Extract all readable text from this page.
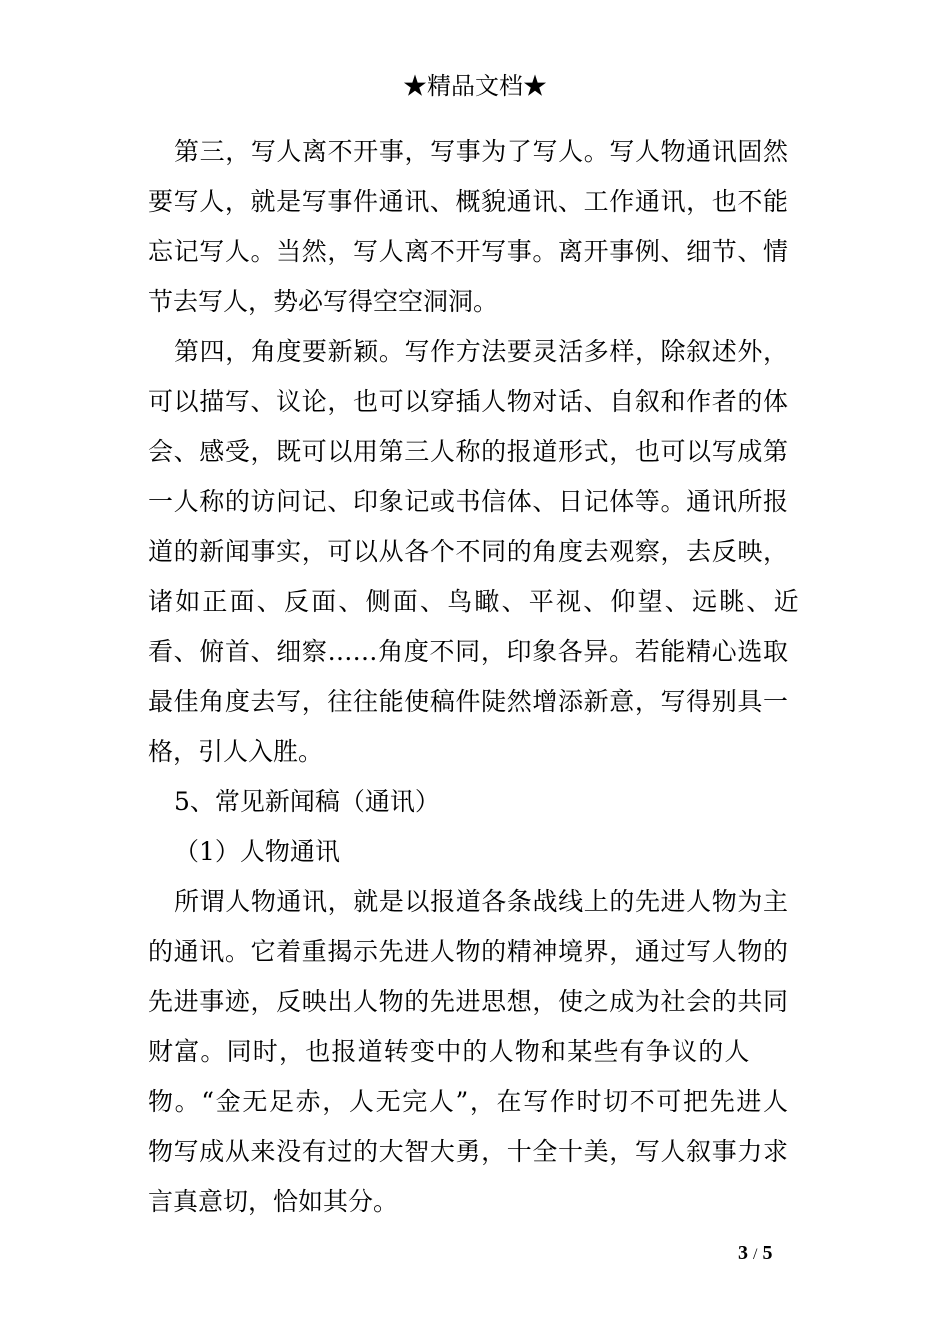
★精品文档★
第三，写人离不开事，写事为了写人。写人物通讯固然
要写人，就是写事件通讯、概貌通讯、工作通讯，也不能
忘记写人。当然，写人离不开写事。离开事例、细节、情
节去写人，势必写得空空洞洞。
第四，角度要新颖。写作方法要灵活多样，除叙述外，
可以描写、议论，也可以穿插人物对话、自叙和作者的体
会、感受，既可以用第三人称的报道形式，也可以写成第
一人称的访问记、印象记或书信体、日记体等。通讯所报
道的新闻事实，可以从各个不同的角度去观察，去反映，
诸如正面、反面、侧面、鸟瞰、平视、仰望、远眺、近
看、俯首、细察……角度不同，印象各异。若能精心选取
最佳角度去写，往往能使稿件陡然增添新意，写得别具一
格，引人入胜。
5、常见新闻稿（通讯）
（1）人物通讯
所谓人物通讯，就是以报道各条战线上的先进人物为主
的通讯。它着重揭示先进人物的精神境界，通过写人物的
先进事迹，反映出人物的先进思想，使之成为社会的共同
财富。同时，也报道转变中的人物和某些有争议的人
物。“金无足赤，人无完人”，在写作时切不可把先进人
物写成从来没有过的大智大勇，十全十美，写人叙事力求
言真意切，恰如其分。
3 / 5
